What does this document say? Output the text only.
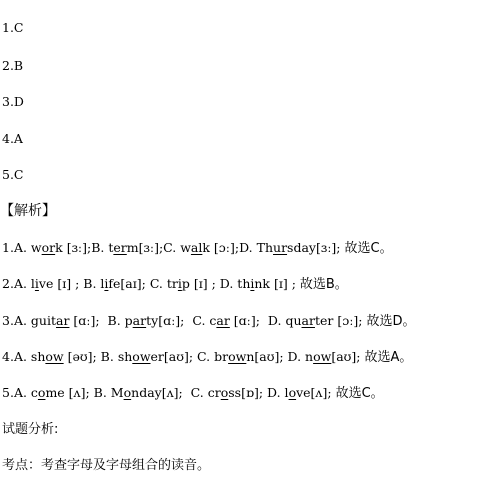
1.C
2.B
3.D
4.A
5.C
【解析】
1.A. work [ɜː];B. term[ɜː];C. walk [ɔː];D. Thursday[ɜː]; 故选C。
2.A. live [ɪ] ; B. life[aɪ]; C. trip [ɪ] ; D. think [ɪ] ; 故选B。
3.A. guitar [ɑː];  B. party[ɑː];  C. car [ɑː];  D. quarter [ɔː]; 故选D。
4.A. show [əʊ]; B. shower[aʊ]; C. brown[aʊ]; D. now[aʊ]; 故选A。
5.A. come [ʌ]; B. Monday[ʌ];  C. cross[ɒ]; D. love[ʌ]; 故选C。
试题分析:
考点：考查字母及字母组合的读音。
